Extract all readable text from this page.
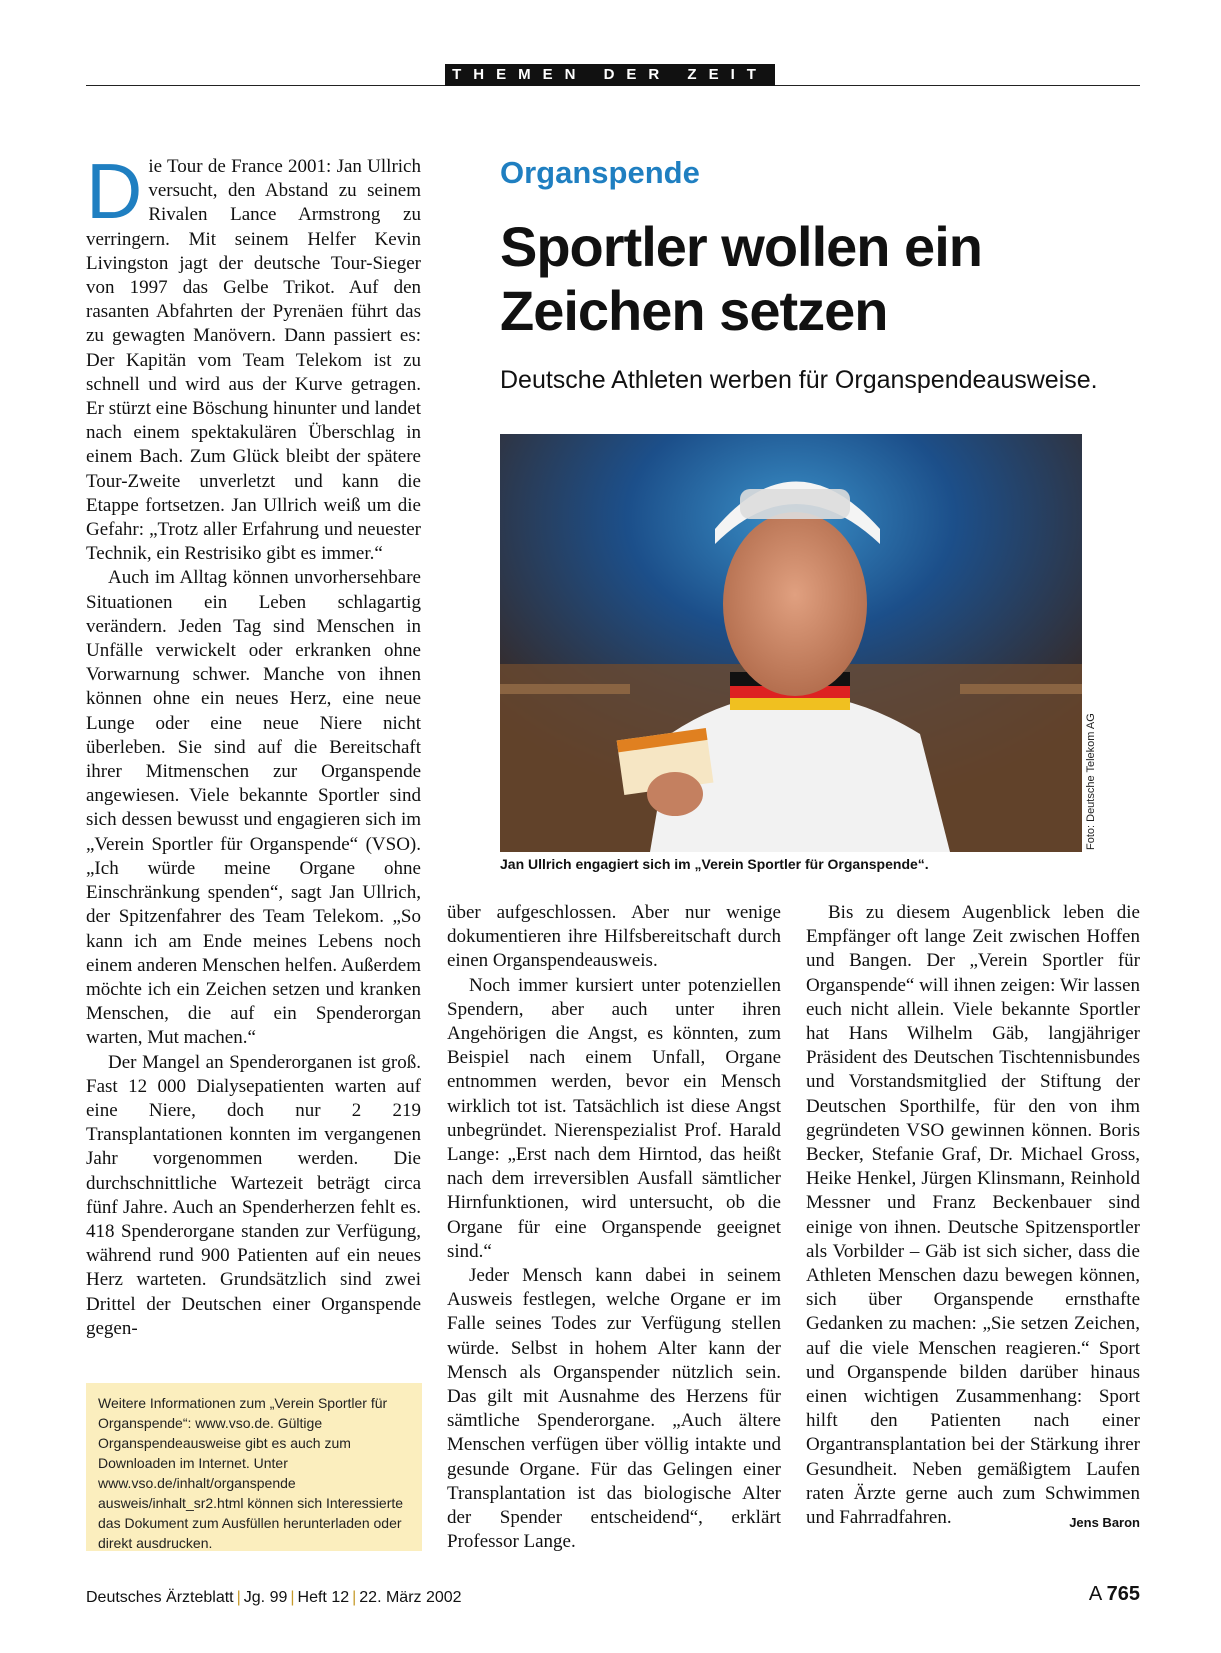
THEMEN DER ZEIT

Die Tour de France 2001: Jan Ullrich versucht, den Abstand zu seinem Rivalen Lance Armstrong zu verringern. Mit seinem Helfer Kevin Livingston jagt der deutsche Tour-Sieger von 1997 das Gelbe Trikot. Auf den rasanten Abfahrten der Pyrenäen führt das zu gewagten Manövern. Dann passiert es: Der Kapitän vom Team Telekom ist zu schnell und wird aus der Kurve getragen. Er stürzt eine Böschung hinunter und landet nach einem spektakulären Überschlag in einem Bach. Zum Glück bleibt der spätere Tour-Zweite unverletzt und kann die Etappe fortsetzen. Jan Ullrich weiß um die Gefahr: „Trotz aller Erfahrung und neuester Technik, ein Restrisiko gibt es immer.“

Auch im Alltag können unvorhersehbare Situationen ein Leben schlagartig verändern. Jeden Tag sind Menschen in Unfälle verwickelt oder erkranken ohne Vorwarnung schwer. Manche von ihnen können ohne ein neues Herz, eine neue Lunge oder eine neue Niere nicht überleben. Sie sind auf die Bereitschaft ihrer Mitmenschen zur Organspende angewiesen. Viele bekannte Sportler sind sich dessen bewusst und engagieren sich im „Verein Sportler für Organspende“ (VSO). „Ich würde meine Organe ohne Einschränkung spenden“, sagt Jan Ullrich, der Spitzenfahrer des Team Telekom. „So kann ich am Ende meines Lebens noch einem anderen Menschen helfen. Außerdem möchte ich ein Zeichen setzen und kranken Menschen, die auf ein Spenderorgan warten, Mut machen.“

Der Mangel an Spenderorganen ist groß. Fast 12 000 Dialysepatienten warten auf eine Niere, doch nur 2 219 Transplantationen konnten im vergangenen Jahr vorgenommen werden. Die durchschnittliche Wartezeit beträgt circa fünf Jahre. Auch an Spenderherzen fehlt es. 418 Spenderorgane standen zur Verfügung, während rund 900 Patienten auf ein neues Herz warteten. Grundsätzlich sind zwei Drittel der Deutschen einer Organspende gegen-

Weitere Informationen zum „Verein Sportler für Organspende“: www.vso.de. Gültige Organspendeausweise gibt es auch zum Downloaden im Internet. Unter www.vso.de/inhalt/organspende ausweis/inhalt_sr2.html können sich Interessierte das Dokument zum Ausfüllen herunterladen oder direkt ausdrucken.
Organspende
Sportler wollen ein Zeichen setzen
Deutsche Athleten werben für Organspendeausweise.
Foto: Deutsche Telekom AG
Jan Ullrich engagiert sich im „Verein Sportler für Organspende“.

über aufgeschlossen. Aber nur wenige dokumentieren ihre Hilfsbereitschaft durch einen Organspendeausweis.

Noch immer kursiert unter potenziellen Spendern, aber auch unter ihren Angehörigen die Angst, es könnten, zum Beispiel nach einem Unfall, Organe entnommen werden, bevor ein Mensch wirklich tot ist. Tatsächlich ist diese Angst unbegründet. Nierenspezialist Prof. Harald Lange: „Erst nach dem Hirntod, das heißt nach dem irreversiblen Ausfall sämtlicher Hirnfunktionen, wird untersucht, ob die Organe für eine Organspende geeignet sind.“

Jeder Mensch kann dabei in seinem Ausweis festlegen, welche Organe er im Falle seines Todes zur Verfügung stellen würde. Selbst in hohem Alter kann der Mensch als Organspender nützlich sein. Das gilt mit Ausnahme des Herzens für sämtliche Spenderorgane. „Auch ältere Menschen verfügen über völlig intakte und gesunde Organe. Für das Gelingen einer Transplantation ist das biologische Alter der Spender entscheidend“, erklärt Professor Lange.

Bis zu diesem Augenblick leben die Empfänger oft lange Zeit zwischen Hoffen und Bangen. Der „Verein Sportler für Organspende“ will ihnen zeigen: Wir lassen euch nicht allein. Viele bekannte Sportler hat Hans Wilhelm Gäb, langjähriger Präsident des Deutschen Tischtennisbundes und Vorstandsmitglied der Stiftung der Deutschen Sporthilfe, für den von ihm gegründeten VSO gewinnen können. Boris Becker, Stefanie Graf, Dr. Michael Gross, Heike Henkel, Jürgen Klinsmann, Reinhold Messner und Franz Beckenbauer sind einige von ihnen. Deutsche Spitzensportler als Vorbilder – Gäb ist sich sicher, dass die Athleten Menschen dazu bewegen können, sich über Organspende ernsthafte Gedanken zu machen: „Sie setzen Zeichen, auf die viele Menschen reagieren.“ Sport und Organspende bilden darüber hinaus einen wichtigen Zusammenhang: Sport hilft den Patienten nach einer Organtransplantation bei der Stärkung ihrer Gesundheit. Neben gemäßigtem Laufen raten Ärzte gerne auch zum Schwimmen und Fahrradfahren.	Jens Baron

Deutsches Ärzteblatt | Jg. 99 | Heft 12 | 22. März 2002	A 765
